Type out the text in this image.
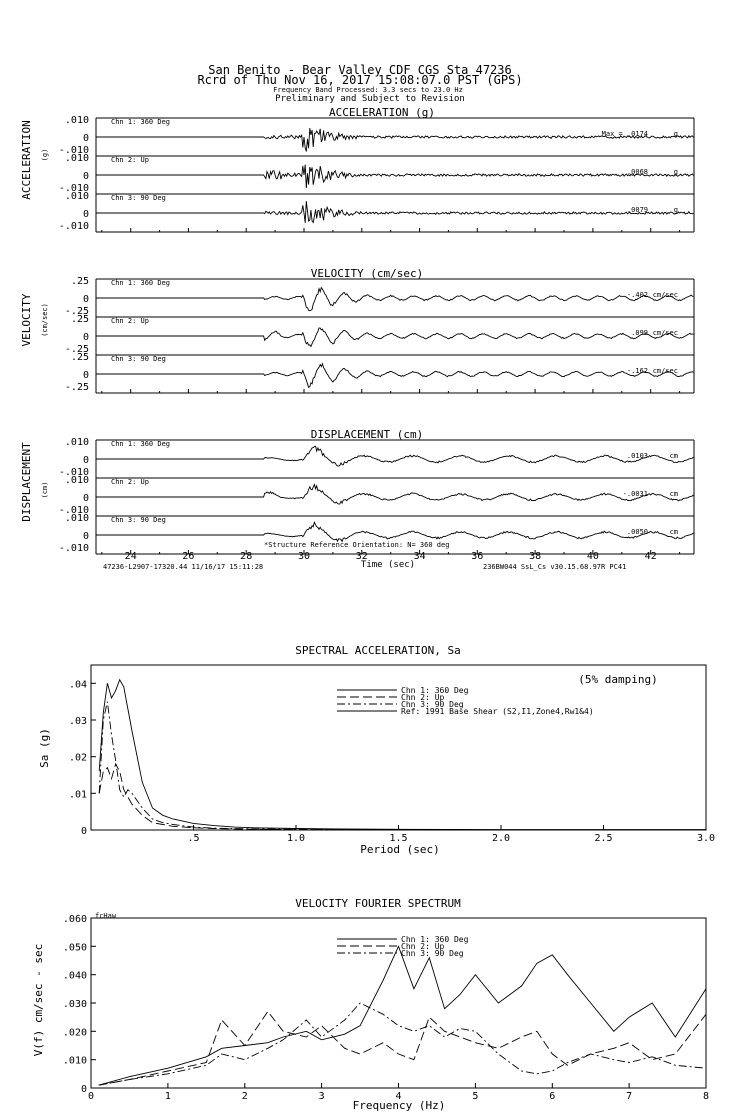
San Benito - Bear Valley CDF CGS Sta 47236
Rcrd of Thu Nov 16, 2017 15:08:07.0 PST (GPS)
Frequency Band Processed: 3.3 secs to 23.0 Hz
Preliminary and Subject to Revision
ACCELERATION (g)
ACCELERATION (g)
.010
0
-.010
Chn 1: 360 Deg
Max = .0174	g
.010
0
-.010
Chn 2: Up
.0068	g
.010
0
-.010
Chn 3: 90 Deg
.0079	g
VELOCITY (cm/sec)
VELOCITY (cm/sec)
.25
0
-.25
Chn 1: 360 Deg
-.402 cm/sec
.25
0
-.25
Chn 2: Up
.099 cm/sec
.25
0
-.25
Chn 3: 90 Deg
-.162 cm/sec
DISPLACEMENT (cm)
DISPLACEMENT (cm)
.010
0
-.010
Chn 1: 360 Deg
.0103	cm
.010
0
-.010
Chn 2: Up
-.0031	cm
.010
0
-.010
Chn 3: 90 Deg
.0050	cm
*Structure Reference Orientation: N= 360 deg
Time (sec)
47236-L2907-17320.44 11/16/17 15:11:28	236BW044 SsL_Cs v30.15.68.97R PC41
24	26	28	30	32	34	36	38	40	42
SPECTRAL ACCELERATION, Sa
(5% damping)
Period (sec)
Sa (g)
0
.01
.02
.03
.04
.5	1.0	1.5	2.0	2.5	3.0
Chn 1: 360 Deg
Chn 2: Up
Chn 3: 90 Deg
Ref: 1991 Base Shear (S2,I1,Zone4,Rw1&4)
VELOCITY FOURIER SPECTRUM
fcHaw
Frequency (Hz)
V(f) cm/sec - sec
0
.010
.020
.030
.040
.050
.060
0	1	2	3	4	5	6	7	8
Chn 1: 360 Deg
Chn 2: Up
Chn 3: 90 Deg
